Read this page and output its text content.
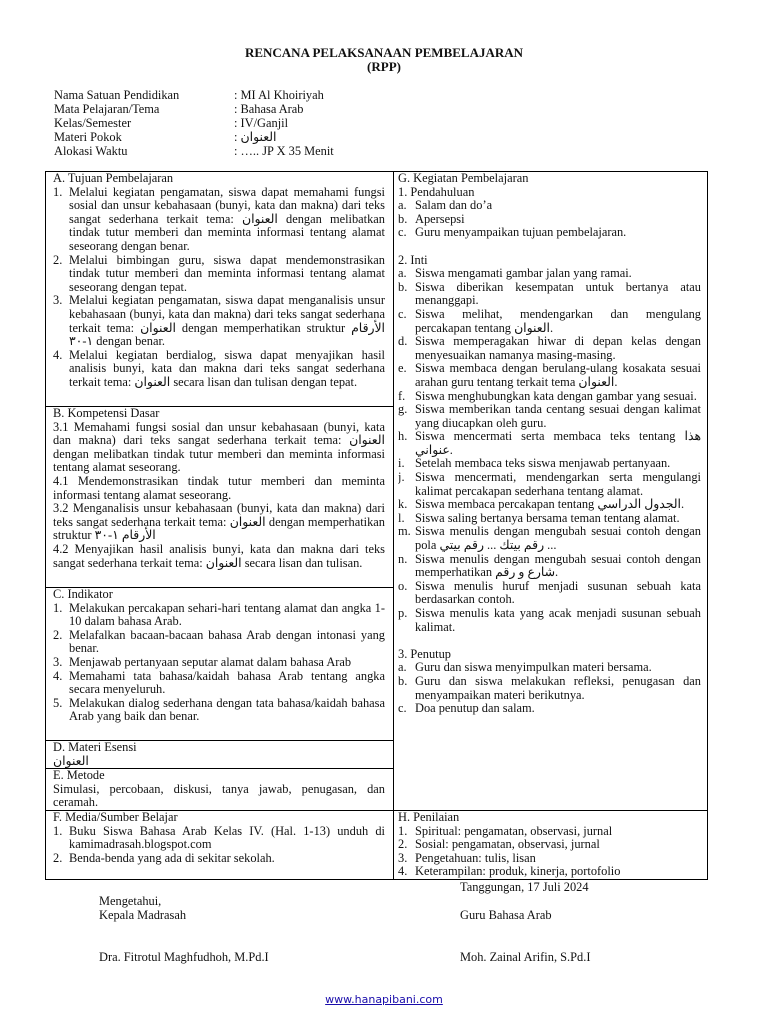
RENCANA PELAKSANAAN PEMBELAJARAN
(RPP)
Nama Satuan Pendidikan	: MI Al Khoiriyah
Mata Pelajaran/Tema	: Bahasa Arab
Kelas/Semester	: IV/Ganjil
Materi Pokok	: العنوان
Alokasi Waktu	: ….. JP X 35 Menit
A. Tujuan Pembelajaran
1. Melalui kegiatan pengamatan, siswa dapat memahami fungsi sosial dan unsur kebahasaan (bunyi, kata dan makna) dari teks sangat sederhana terkait tema: العنوان dengan melibatkan tindak tutur memberi dan meminta informasi tentang alamat seseorang dengan benar.
2. Melalui bimbingan guru, siswa dapat mendemonstrasikan tindak tutur memberi dan meminta informasi tentang alamat seseorang dengan tepat.
3. Melalui kegiatan pengamatan, siswa dapat menganalisis unsur kebahasaan (bunyi, kata dan makna) dari teks sangat sederhana terkait tema: العنوان dengan memperhatikan struktur الأرقام ١-٣٠ dengan benar.
4. Melalui kegiatan berdialog, siswa dapat menyajikan hasil analisis bunyi, kata dan makna dari teks sangat sederhana terkait tema: العنوان secara lisan dan tulisan dengan tepat.
B. Kompetensi Dasar
3.1 Memahami fungsi sosial dan unsur kebahasaan (bunyi, kata dan makna) dari teks sangat sederhana terkait tema: العنوان dengan melibatkan tindak tutur memberi dan meminta informasi tentang alamat seseorang.
4.1 Mendemonstrasikan tindak tutur memberi dan meminta informasi tentang alamat seseorang.
3.2 Menganalisis unsur kebahasaan (bunyi, kata dan makna) dari teks sangat sederhana terkait tema: العنوان dengan memperhatikan struktur الأرقام ١-٣٠
4.2 Menyajikan hasil analisis bunyi, kata dan makna dari teks sangat sederhana terkait tema: العنوان secara lisan dan tulisan.
C. Indikator
1. Melakukan percakapan sehari-hari tentang alamat dan angka 1-10 dalam bahasa Arab.
2. Melafalkan bacaan-bacaan bahasa Arab dengan intonasi yang benar.
3. Menjawab pertanyaan seputar alamat dalam bahasa Arab
4. Memahami tata bahasa/kaidah bahasa Arab tentang angka secara menyeluruh.
5. Melakukan dialog sederhana dengan tata bahasa/kaidah bahasa Arab yang baik dan benar.
D. Materi Esensi
العنوان
E. Metode
Simulasi, percobaan, diskusi, tanya jawab, penugasan, dan ceramah.
F. Media/Sumber Belajar
1. Buku Siswa Bahasa Arab Kelas IV. (Hal. 1-13) unduh di kamimadrasah.blogspot.com
2. Benda-benda yang ada di sekitar sekolah.
G. Kegiatan Pembelajaran
1. Pendahuluan
a. Salam dan do’a
b. Apersepsi
c. Guru menyampaikan tujuan pembelajaran.
2. Inti
a. Siswa mengamati gambar jalan yang ramai.
b. Siswa diberikan kesempatan untuk bertanya atau menanggapi.
c. Siswa melihat, mendengarkan dan mengulang percakapan tentang العنوان.
d. Siswa memperagakan hiwar di depan kelas dengan menyesuaikan namanya masing-masing.
e. Siswa membaca dengan berulang-ulang kosakata sesuai arahan guru tentang terkait tema العنوان.
f. Siswa menghubungkan kata dengan gambar yang sesuai.
g. Siswa memberikan tanda centang sesuai dengan kalimat yang diucapkan oleh guru.
h. Siswa mencermati serta membaca teks tentang هذا عنواني.
i. Setelah membaca teks siswa menjawab pertanyaan.
j. Siswa mencermati, mendengarkan serta mengulangi kalimat percakapan sederhana tentang alamat.
k. Siswa membaca percakapan tentang الجدول الدراسي.
l. Siswa saling bertanya bersama teman tentang alamat.
m. Siswa menulis dengan mengubah sesuai contoh dengan pola رقم بيتك ... رقم بيتي ...
n. Siswa menulis dengan mengubah sesuai contoh dengan memperhatikan شارع و رقم.
o. Siswa menulis huruf menjadi susunan sebuah kata berdasarkan contoh.
p. Siswa menulis kata yang acak menjadi susunan sebuah kalimat.
3. Penutup
a. Guru dan siswa menyimpulkan materi bersama.
b. Guru dan siswa melakukan refleksi, penugasan dan menyampaikan materi berikutnya.
c. Doa penutup dan salam.
H. Penilaian
1. Spiritual: pengamatan, observasi, jurnal
2. Sosial: pengamatan, observasi, jurnal
3. Pengetahuan: tulis, lisan
4. Keterampilan: produk, kinerja, portofolio
Tanggungan, 17 Juli 2024
Mengetahui,
Kepala Madrasah	Guru Bahasa Arab
Dra. Fitrotul Maghfudhoh, M.Pd.I	Moh. Zainal Arifin, S.Pd.I
www.hanapibani.com
